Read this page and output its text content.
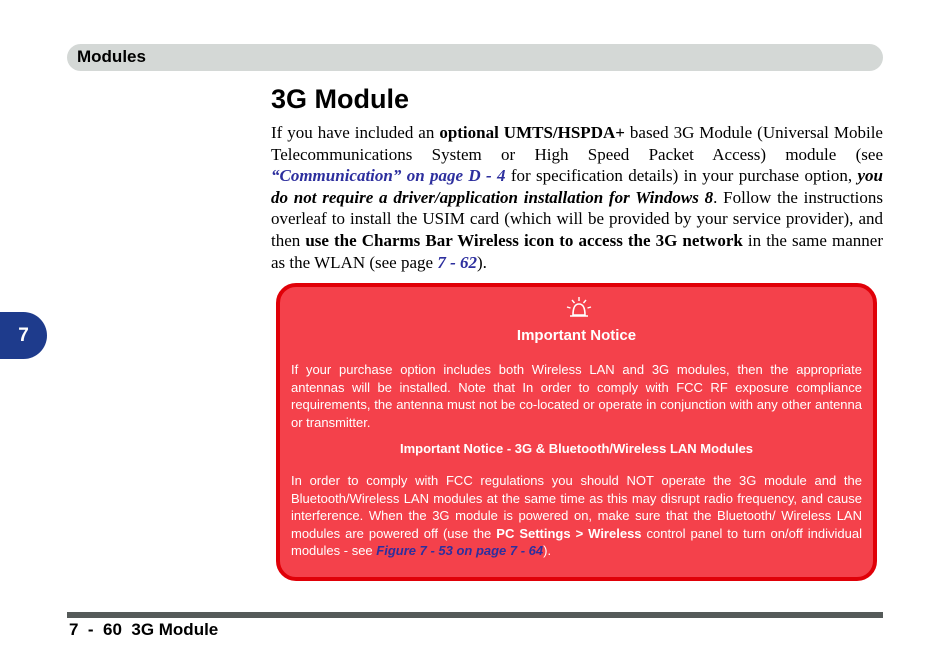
Modules
7
3G Module

If you have included an optional UMTS/HSPDA+ based 3G Module (Universal Mobile Telecommunications System or High Speed Packet Access) module (see “Communication” on page D - 4 for specification details) in your purchase option, you do not require a driver/application installation for Windows 8. Follow the instructions overleaf to install the USIM card (which will be provided by your service provider), and then use the Charms Bar Wireless icon to access the 3G network in the same manner as the WLAN (see page 7 - 62).

Important Notice

If your purchase option includes both Wireless LAN and 3G modules, then the appropriate antennas will be installed. Note that In order to comply with FCC RF exposure compliance requirements, the antenna must not be co-located or operate in conjunction with any other antenna or transmitter.

Important Notice - 3G & Bluetooth/Wireless LAN Modules

In order to comply with FCC regulations you should NOT operate the 3G module and the Bluetooth/Wireless LAN modules at the same time as this may disrupt radio frequency, and cause interference. When the 3G module is powered on, make sure that the Bluetooth/ Wireless LAN modules are powered off (use the PC Settings > Wireless control panel to turn on/off individual modules - see Figure 7 - 53 on page 7 - 64).

7  -  60  3G Module
